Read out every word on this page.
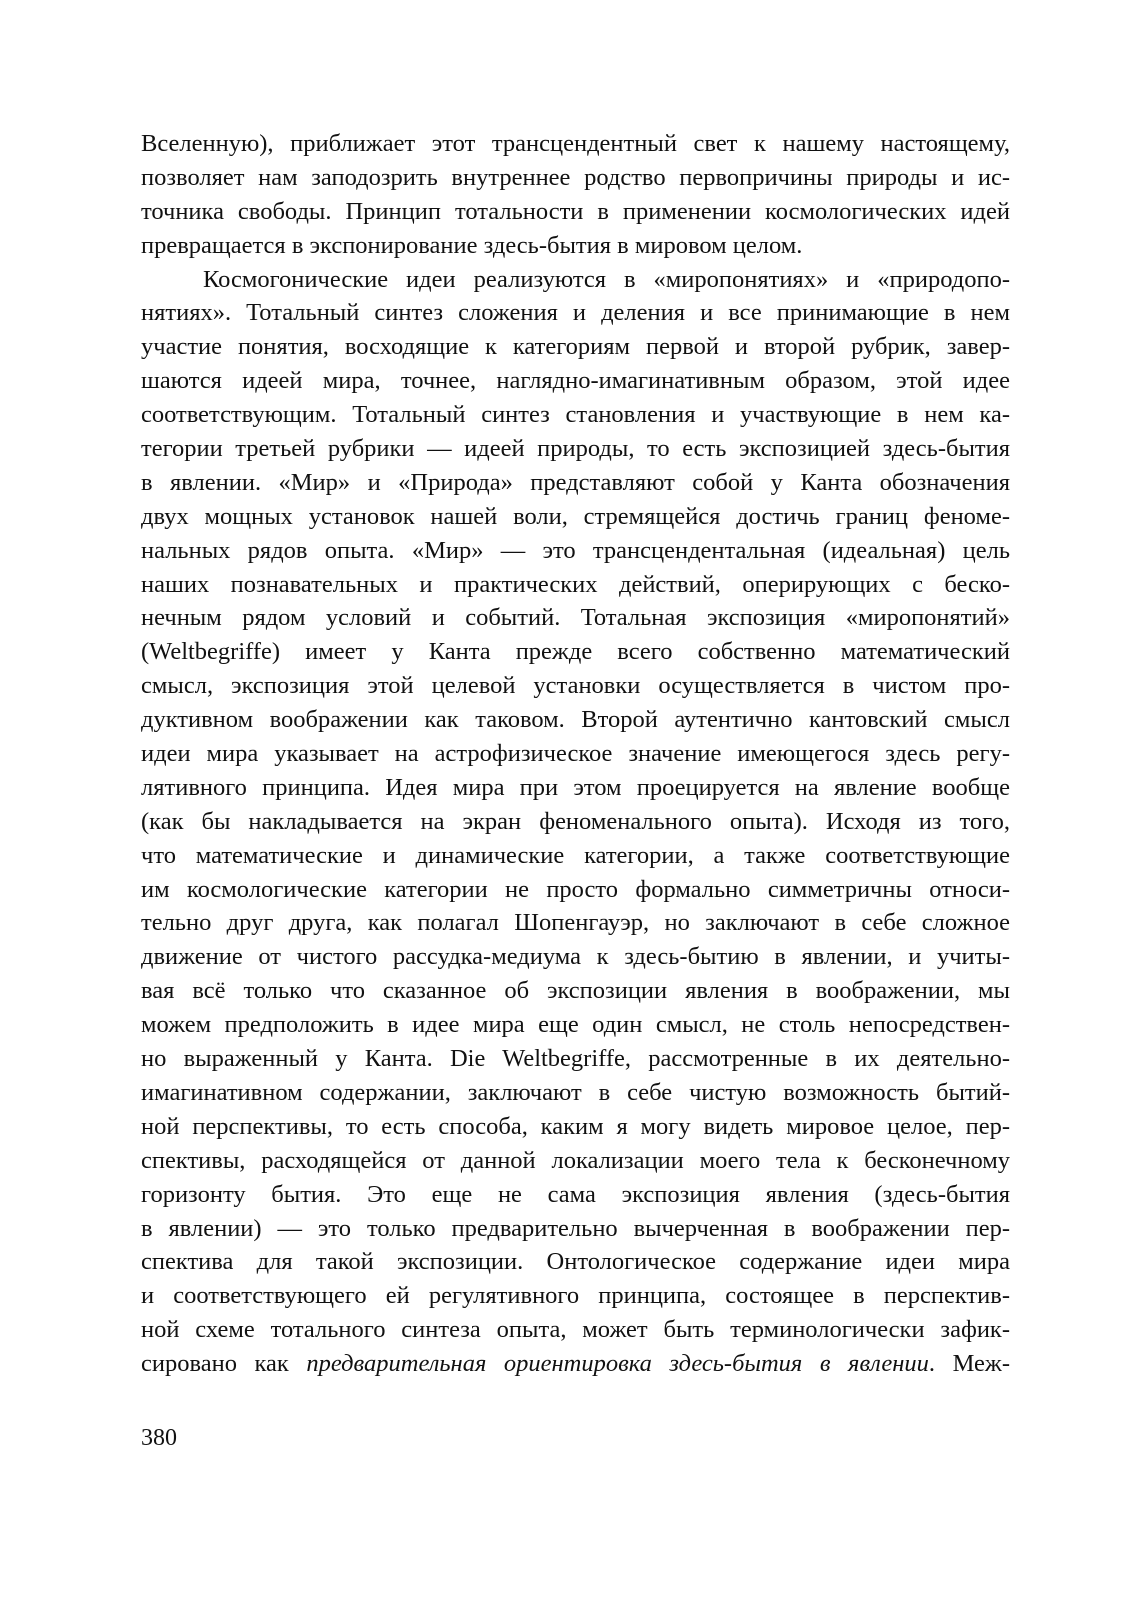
Вселенную), приближает этот трансцендентный свет к нашему настоящему,
позволяет нам заподозрить внутреннее родство первопричины природы и ис-
точника свободы. Принцип тотальности в применении космологических идей
превращается в экспонирование здесь-бытия в мировом целом.
Космогонические идеи реализуются в «миропонятиях» и «природопо-
нятиях». Тотальный синтез сложения и деления и все принимающие в нем
участие понятия, восходящие к категориям первой и второй рубрик, завер-
шаются идеей мира, точнее, наглядно-имагинативным образом, этой идее
соответствующим. Тотальный синтез становления и участвующие в нем ка-
тегории третьей рубрики — идеей природы, то есть экспозицией здесь-бытия
в явлении. «Мир» и «Природа» представляют собой у Канта обозначения
двух мощных установок нашей воли, стремящейся достичь границ феноме-
нальных рядов опыта. «Мир» — это трансцендентальная (идеальная) цель
наших познавательных и практических действий, оперирующих с беско-
нечным рядом условий и событий. Тотальная экспозиция «миропонятий»
(Weltbegriffe) имеет у Канта прежде всего собственно математический
смысл, экспозиция этой целевой установки осуществляется в чистом про-
дуктивном воображении как таковом. Второй аутентично кантовский смысл
идеи мира указывает на астрофизическое значение имеющегося здесь регу-
лятивного принципа. Идея мира при этом проецируется на явление вообще
(как бы накладывается на экран феноменального опыта). Исходя из того,
что математические и динамические категории, а также соответствующие
им космологические категории не просто формально симметричны относи-
тельно друг друга, как полагал Шопенгауэр, но заключают в себе сложное
движение от чистого рассудка-медиума к здесь-бытию в явлении, и учиты-
вая всё только что сказанное об экспозиции явления в воображении, мы
можем предположить в идее мира еще один смысл, не столь непосредствен-
но выраженный у Канта. Die Weltbegriffe, рассмотренные в их деятельно-
имагинативном содержании, заключают в себе чистую возможность бытий-
ной перспективы, то есть способа, каким я могу видеть мировое целое, пер-
спективы, расходящейся от данной локализации моего тела к бесконечному
горизонту бытия. Это еще не сама экспозиция явления (здесь-бытия
в явлении) — это только предварительно вычерченная в воображении пер-
спектива для такой экспозиции. Онтологическое содержание идеи мира
и соответствующего ей регулятивного принципа, состоящее в перспектив-
ной схеме тотального синтеза опыта, может быть терминологически зафик-
сировано как предварительная ориентировка здесь-бытия в явлении. Меж-
380
